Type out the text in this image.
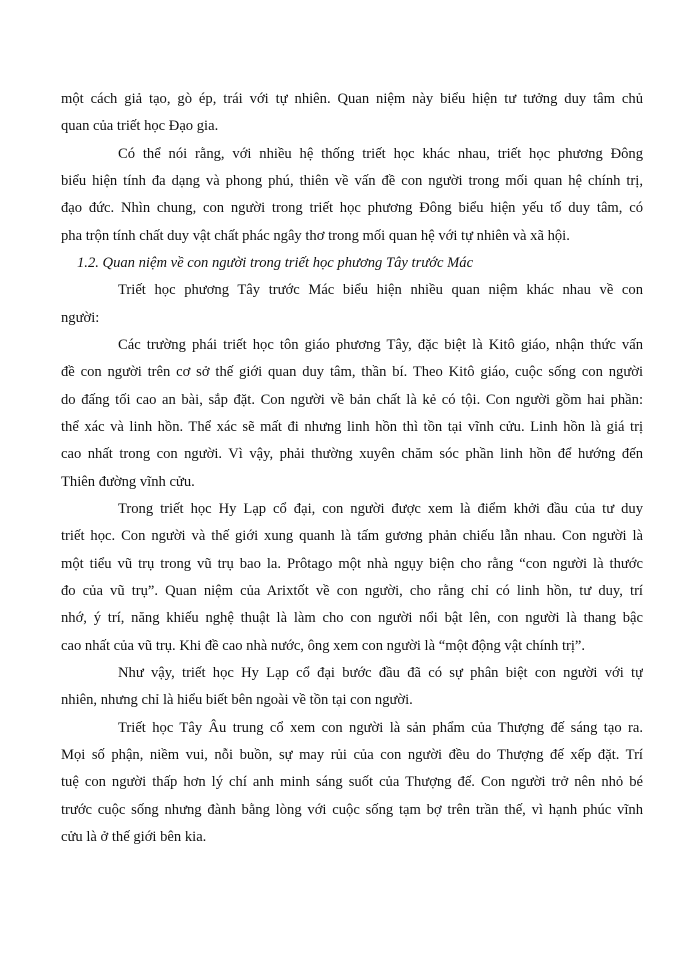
một cách giả tạo, gò ép, trái với tự nhiên. Quan niệm này biểu hiện tư tưởng duy tâm chủ
quan của triết học Đạo gia.
Có thể nói rằng, với nhiều hệ thống triết học khác nhau, triết học phương Đông
biểu hiện tính đa dạng và phong phú, thiên về vấn đề con người trong mối quan hệ chính trị,
đạo đức. Nhìn chung, con người trong triết học phương Đông biểu hiện yếu tố duy tâm, có
pha trộn tính chất duy vật chất phác ngây thơ trong mối quan hệ với tự nhiên và xã hội.
1.2. Quan niệm về con người trong triết học phương Tây trước Mác
Triết học phương Tây trước Mác biểu hiện nhiều quan niệm khác nhau về con
người:
Các trường phái triết học tôn giáo phương Tây, đặc biệt là Kitô giáo, nhận thức vấn
đề con người trên cơ sở thế giới quan duy tâm, thần bí. Theo Kitô giáo, cuộc sống con người
do đấng tối cao an bài, sắp đặt. Con người về bản chất là kẻ có tội. Con người gồm hai phần:
thể xác và linh hồn. Thể xác sẽ mất đi nhưng linh hồn thì tồn tại vĩnh cửu. Linh hồn là giá trị
cao nhất trong con người. Vì vậy, phải thường xuyên chăm sóc phần linh hồn để hướng đến
Thiên đường vĩnh cửu.
Trong triết học Hy Lạp cổ đại, con người được xem là điểm khởi đầu của tư duy
triết học. Con người và thế giới xung quanh là tấm gương phản chiếu lẫn nhau. Con người là
một tiểu vũ trụ trong vũ trụ bao la. Prôtago một nhà ngụy biện cho rằng “con người là thước
đo của vũ trụ”. Quan niệm của Arixtốt về con người, cho rằng chỉ có linh hồn, tư duy, trí
nhớ, ý trí, năng khiếu nghệ thuật là làm cho con người nổi bật lên, con người là thang bậc
cao nhất của vũ trụ. Khi đề cao nhà nước, ông xem con người là “một động vật chính trị”.
Như vậy, triết học Hy Lạp cổ đại bước đầu đã có sự phân biệt con người với tự
nhiên, nhưng chỉ là hiểu biết bên ngoài về tồn tại con người.
Triết học Tây Âu trung cổ xem con người là sản phẩm của Thượng đế sáng tạo ra.
Mọi số phận, niềm vui, nỗi buồn, sự may rủi của con người đều do Thượng đế xếp đặt. Trí
tuệ con người thấp hơn lý chí anh minh sáng suốt của Thượng đế. Con người trở nên nhỏ bé
trước cuộc sống nhưng đành bằng lòng với cuộc sống tạm bợ trên trần thế, vì hạnh phúc vĩnh
cửu là ở thế giới bên kia.
